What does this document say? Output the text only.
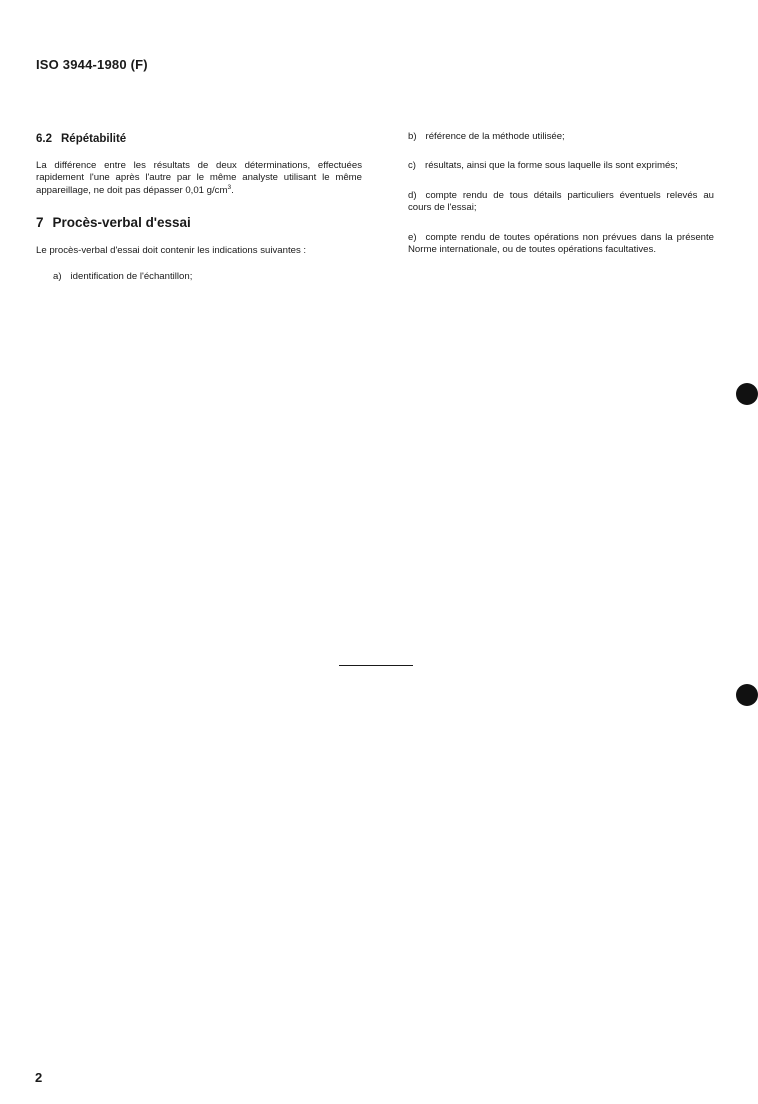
ISO 3944-1980 (F)
6.2 Répétabilité

La différence entre les résultats de deux déterminations, effectuées rapidement l'une après l'autre par le même analyste utilisant le même appareillage, ne doit pas dépasser 0,01 $g/cm^3$.

7 Procès-verbal d'essai

Le procès-verbal d'essai doit contenir les indications suivantes :

a) identification de l'échantillon;

b) référence de la méthode utilisée;

c) résultats, ainsi que la forme sous laquelle ils sont exprimés;

d) compte rendu de tous détails particuliers éventuels relevés au cours de l'essai;

e) compte rendu de toutes opérations non prévues dans la présente Norme internationale, ou de toutes opérations facultatives.

2
